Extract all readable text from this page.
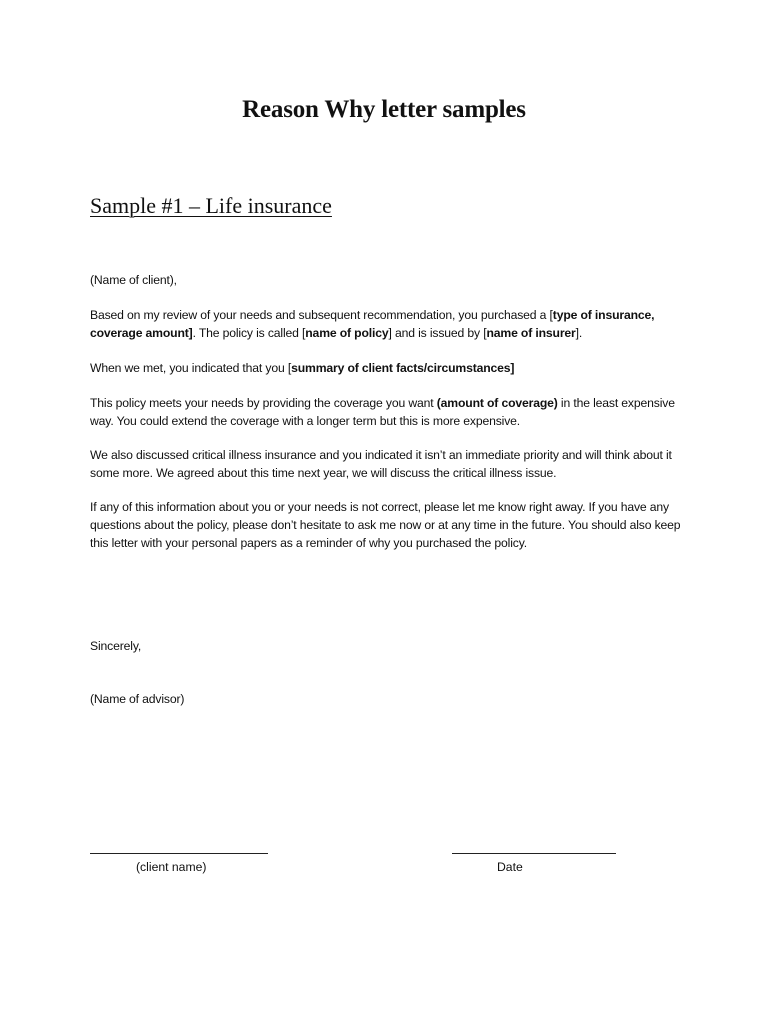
Reason Why letter samples
Sample #1 – Life insurance
(Name of client),
Based on my review of your needs and subsequent recommendation, you purchased a [type of insurance, coverage amount]. The policy is called [name of policy] and is issued by [name of insurer].
When we met, you indicated that you [summary of client facts/circumstances]
This policy meets your needs by providing the coverage you want (amount of coverage) in the least expensive way. You could extend the coverage with a longer term but this is more expensive.
We also discussed critical illness insurance and you indicated it isn’t an immediate priority and will think about it some more. We agreed about this time next year, we will discuss the critical illness issue.
If any of this information about you or your needs is not correct, please let me know right away. If you have any questions about the policy, please don’t hesitate to ask me now or at any time in the future. You should also keep this letter with your personal papers as a reminder of why you purchased the policy.
Sincerely,
(Name of advisor)
(client name)	Date
